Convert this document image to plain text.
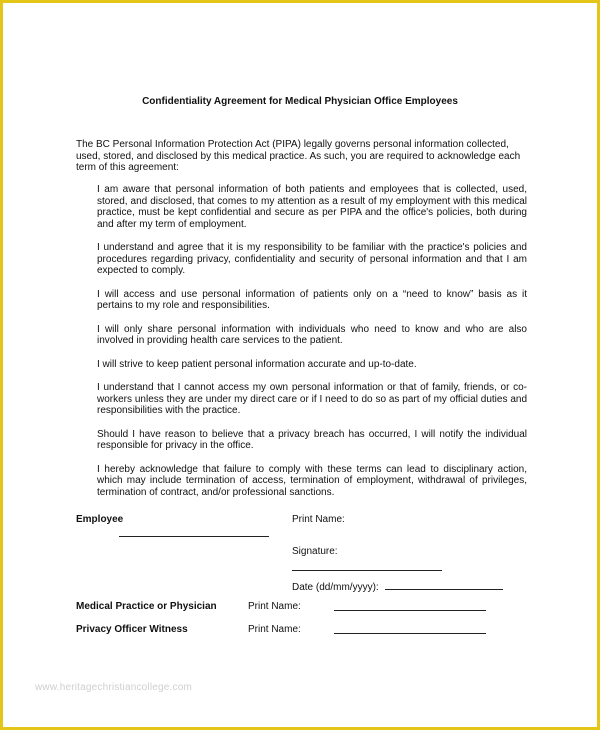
Confidentiality Agreement for Medical Physician Office Employees
The BC Personal Information Protection Act (PIPA) legally governs personal information collected, used, stored, and disclosed by this medical practice. As such, you are required to acknowledge each term of this agreement:

I am aware that personal information of both patients and employees that is collected, used, stored, and disclosed, that comes to my attention as a result of my employment with this medical practice, must be kept confidential and secure as per PIPA and the office's policies, both during and after my term of employment.

I understand and agree that it is my responsibility to be familiar with the practice's policies and procedures regarding privacy, confidentiality and security of personal information and that I am expected to comply.

I will access and use personal information of patients only on a “need to know” basis as it pertains to my role and responsibilities.

I will only share personal information with individuals who need to know and who are also involved in providing health care services to the patient.

I will strive to keep patient personal information accurate and up-to-date.

I understand that I cannot access my own personal information or that of family, friends, or co-workers unless they are under my direct care or if I need to do so as part of my official duties and responsibilities with the practice.

Should I have reason to believe that a privacy breach has occurred, I will notify the individual responsible for privacy in the office.

I hereby acknowledge that failure to comply with these terms can lead to disciplinary action, which may include termination of access, termination of employment, withdrawal of privileges, termination of contract, and/or professional sanctions.

Employee	Print Name:
Signature:
Date (dd/mm/yyyy):
Medical Practice or Physician	Print Name:
Privacy Officer Witness	Print Name:
www.heritagechristiancollege.com
